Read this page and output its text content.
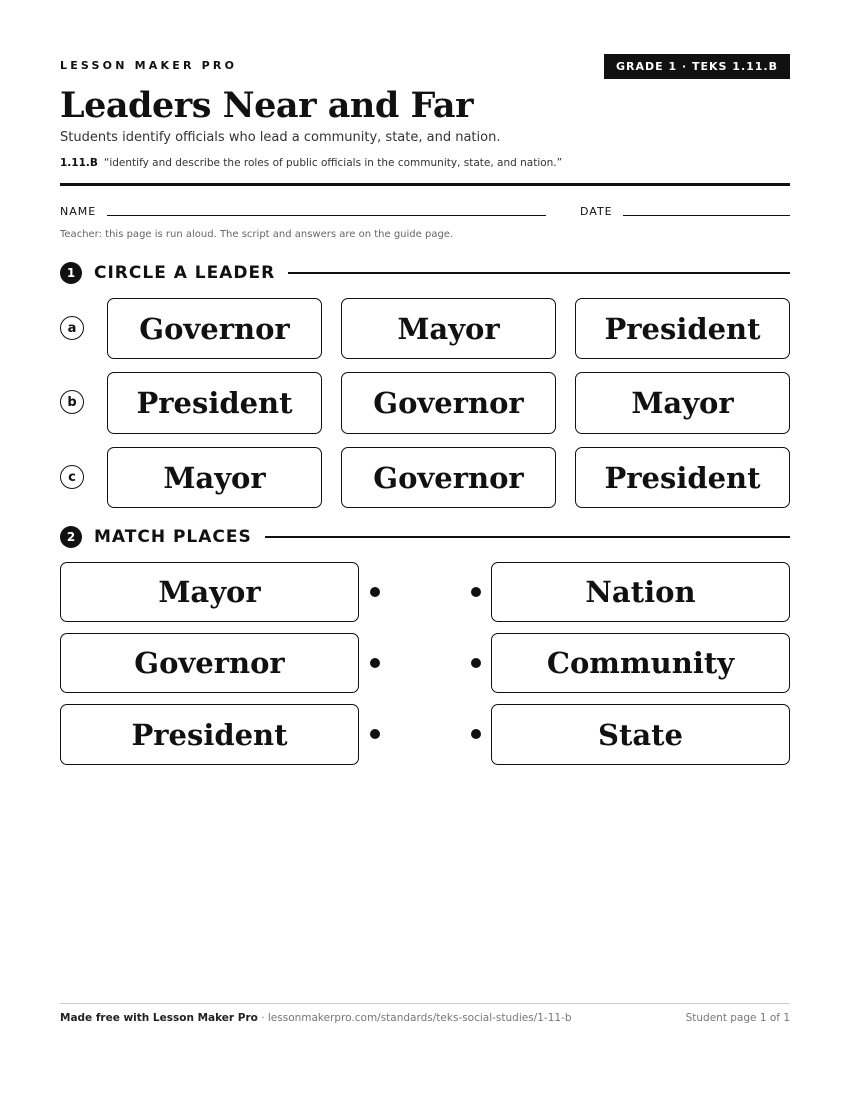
LESSON MAKER PRO	GRADE 1 · TEKS 1.11.B
Leaders Near and Far
Students identify officials who lead a community, state, and nation.
1.11.B “identify and describe the roles of public officials in the community, state, and nation.”
NAME	DATE
Teacher: this page is run aloud. The script and answers are on the guide page.
1	CIRCLE A LEADER
a	Governor	Mayor	President
b	President	Governor	Mayor
c	Mayor	Governor	President
2	MATCH PLACES
Mayor	Nation
Governor	Community
President	State
Made free with Lesson Maker Pro · lessonmakerpro.com/standards/teks-social-studies/1-11-b	Student page 1 of 1
